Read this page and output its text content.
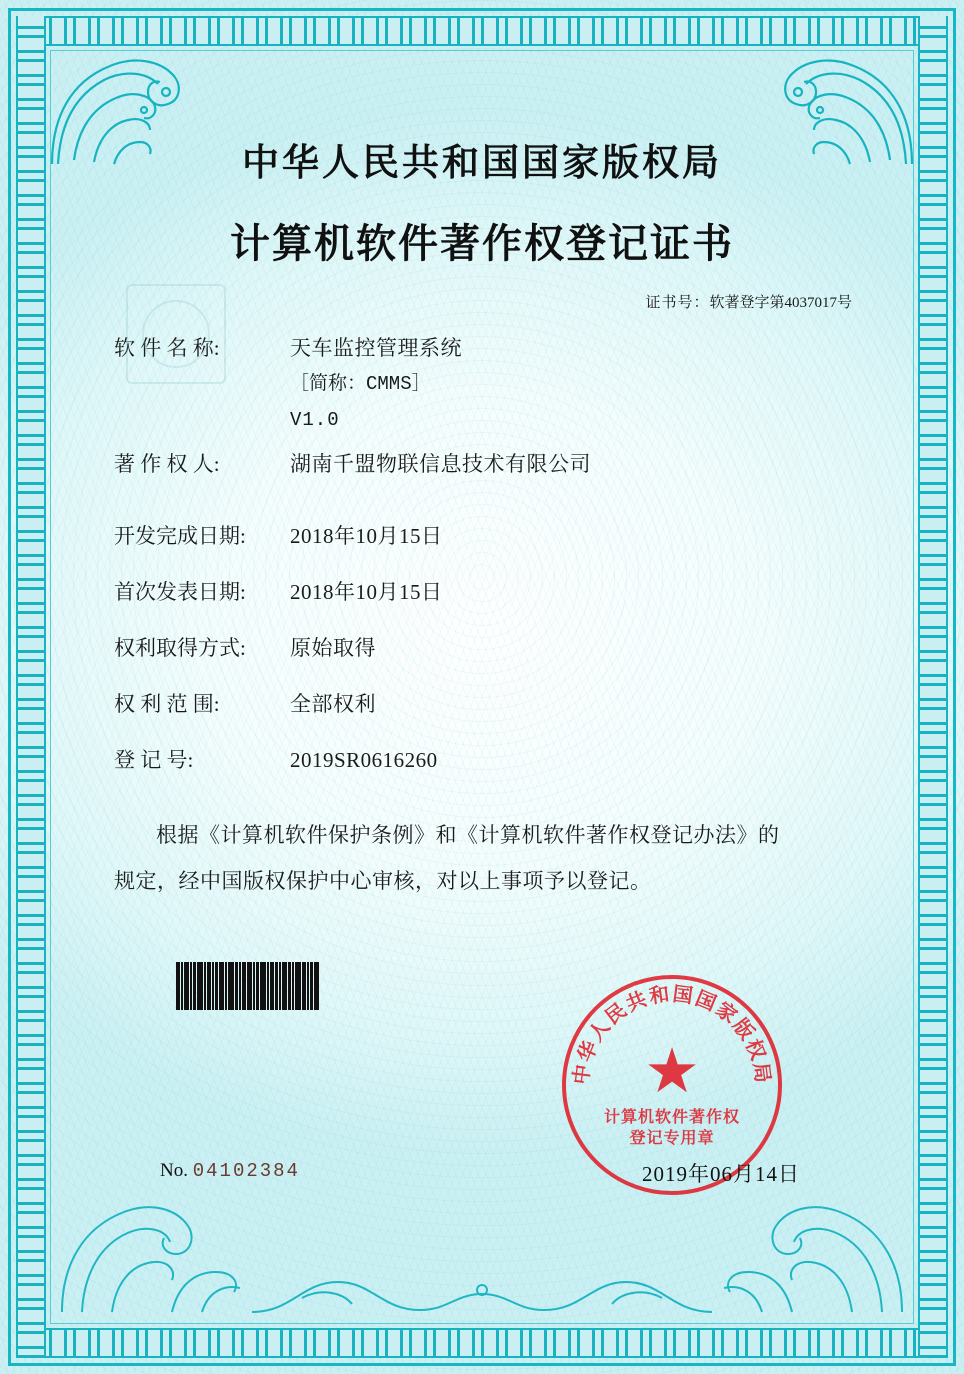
中华人民共和国国家版权局
计算机软件著作权登记证书
证书号：软著登字第4037017号
软 件 名 称:	天车监控管理系统
［简称：CMMS］
V1.0
著 作 权 人:	湖南千盟物联信息技术有限公司
开发完成日期:	2018年10月15日
首次发表日期:	2018年10月15日
权利取得方式:	原始取得
权 利 范 围:	全部权利
登 记 号:	2019SR0616260
根据《计算机软件保护条例》和《计算机软件著作权登记办法》的
规定，经中国版权保护中心审核，对以上事项予以登记。
中华人民共和国国家版权局
★
计算机软件著作权
登记专用章
No. 04102384	2019年06月14日
